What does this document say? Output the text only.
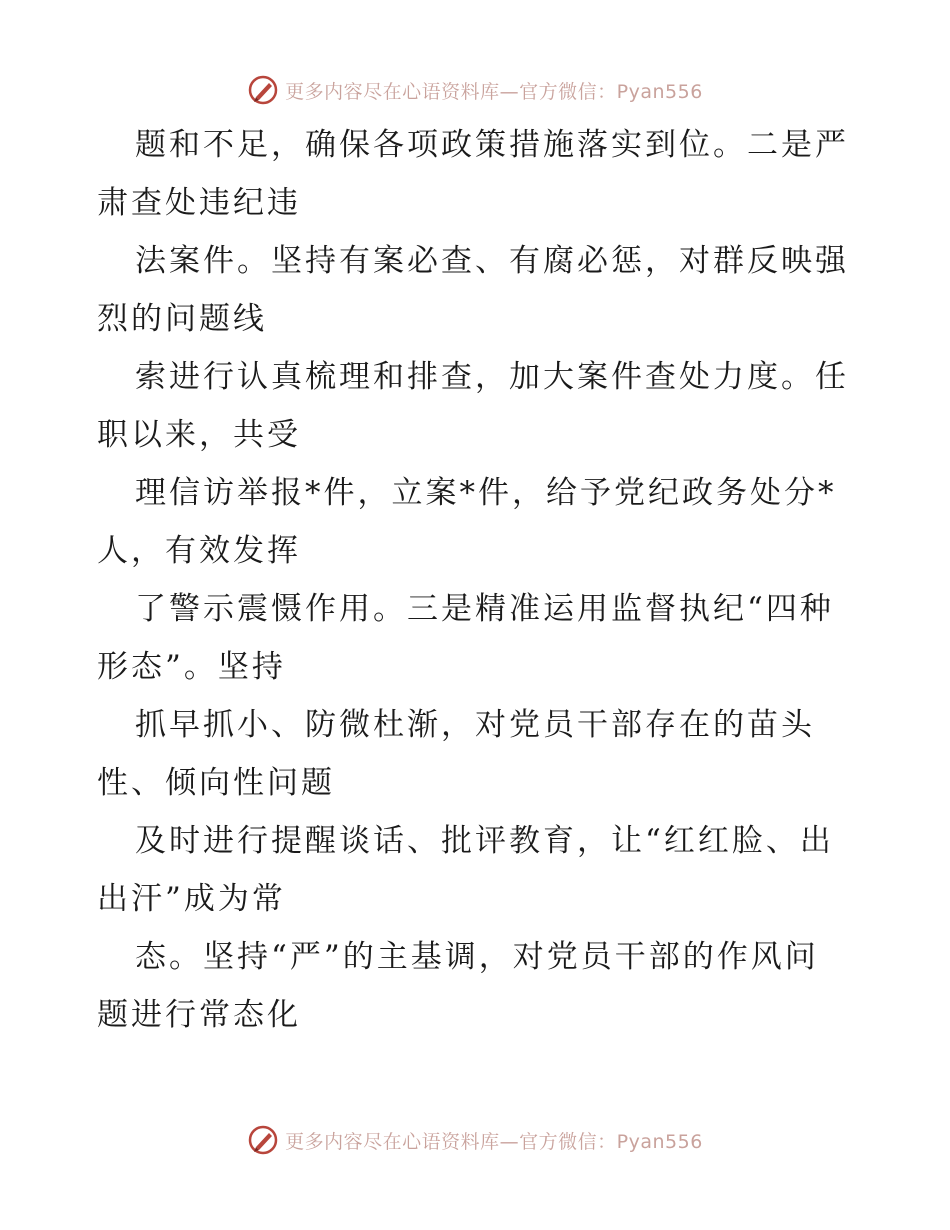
更多内容尽在心语资料库—官方微信：Pyan556
题和不足，确保各项政策措施落实到位。二是严
肃查处违纪违
法案件。坚持有案必查、有腐必惩，对群反映强
烈的问题线
索进行认真梳理和排查，加大案件查处力度。任
职以来，共受
理信访举报*件，立案*件，给予党纪政务处分*
人，有效发挥
了警示震慑作用。三是精准运用监督执纪“四种
形态”。坚持
抓早抓小、防微杜渐，对党员干部存在的苗头
性、倾向性问题
及时进行提醒谈话、批评教育，让“红红脸、出
出汗”成为常
态。坚持“严”的主基调，对党员干部的作风问
题进行常态化
更多内容尽在心语资料库—官方微信：Pyan556
